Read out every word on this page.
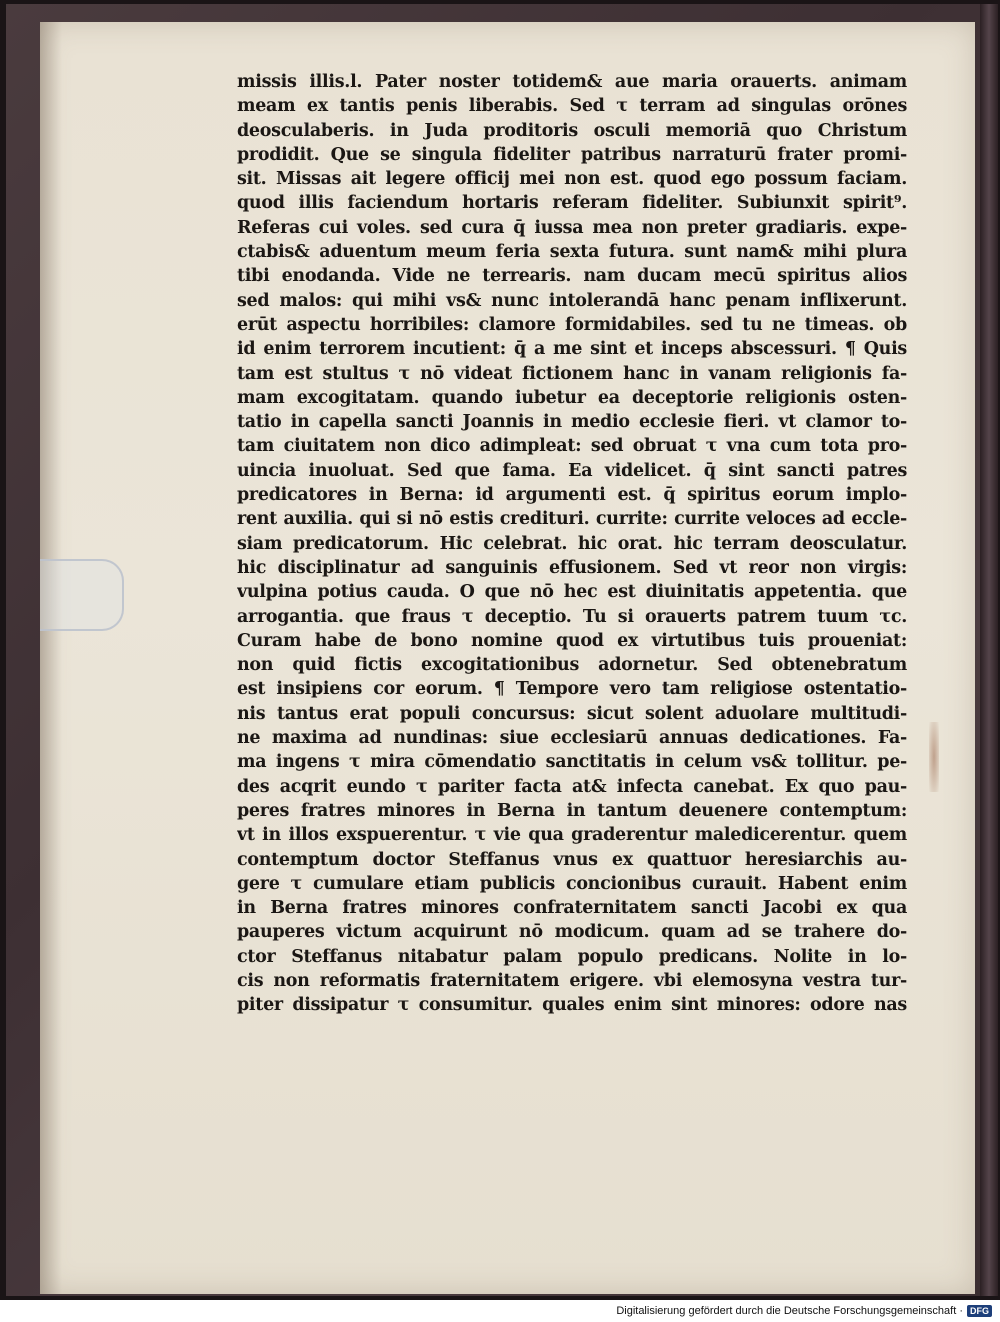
missis illis.l. Pater noster totidem& aue maria orauerts. animam
meam ex tantis penis liberabis. Sed τ terram ad singulas orōnes
deosculaberis. in Juda proditoris osculi memoriā quo Christum
prodidit. Que se singula fideliter patribus narraturū frater promi-
sit. Missas ait legere officij mei non est. quod ego possum faciam.
quod illis faciendum hortaris referam fideliter. Subiunxit spirit⁹.
Referas cui voles. sed cura q̄ iussa mea non preter gradiaris. expe-
ctabis& aduentum meum feria sexta futura. sunt nam& mihi plura
tibi enodanda. Vide ne terrearis. nam ducam mecū spiritus alios
sed malos: qui mihi vs& nunc intolerandā hanc penam inflixerunt.
erūt aspectu horribiles: clamore formidabiles. sed tu ne timeas. ob
id enim terrorem incutient: q̄ a me sint et inceps abscessuri. ¶ Quis
tam est stultus τ nō videat fictionem hanc in vanam religionis fa-
mam excogitatam. quando iubetur ea deceptorie religionis osten-
tatio in capella sancti Joannis in medio ecclesie fieri. vt clamor to-
tam ciuitatem non dico adimpleat: sed obruat τ vna cum tota pro-
uincia inuoluat. Sed que fama. Ea videlicet. q̄ sint sancti patres
predicatores in Berna: id argumenti est. q̄ spiritus eorum implo-
rent auxilia. qui si nō estis credituri. currite: currite veloces ad eccle-
siam predicatorum. Hic celebrat. hic orat. hic terram deosculatur.
hic disciplinatur ad sanguinis effusionem. Sed vt reor non virgis:
vulpina potius cauda. O que nō hec est diuinitatis appetentia. que
arrogantia. que fraus τ deceptio. Tu si orauerts patrem tuum τc.
Curam habe de bono nomine quod ex virtutibus tuis proueniat:
non quid fictis excogitationibus adornetur. Sed obtenebratum
est insipiens cor eorum. ¶ Tempore vero tam religiose ostentatio-
nis tantus erat populi concursus: sicut solent aduolare multitudi-
ne maxima ad nundinas: siue ecclesiarū annuas dedicationes. Fa-
ma ingens τ mira cōmendatio sanctitatis in celum vs& tollitur. pe-
des acqrit eundo τ pariter facta at& infecta canebat. Ex quo pau-
peres fratres minores in Berna in tantum deuenere contemptum:
vt in illos exspuerentur. τ vie qua graderentur maledicerentur. quem
contemptum doctor Steffanus vnus ex quattuor heresiarchis au-
gere τ cumulare etiam publicis concionibus curauit. Habent enim
in Berna fratres minores confraternitatem sancti Jacobi ex qua
pauperes victum acquirunt nō modicum. quam ad se trahere do-
ctor Steffanus nitabatur palam populo predicans. Nolite in lo-
cis non reformatis fraternitatem erigere. vbi elemosyna vestra tur-
piter dissipatur τ consumitur. quales enim sint minores: odore nas
Digitalisierung gefördert durch die Deutsche Forschungsgemeinschaft · DFG
